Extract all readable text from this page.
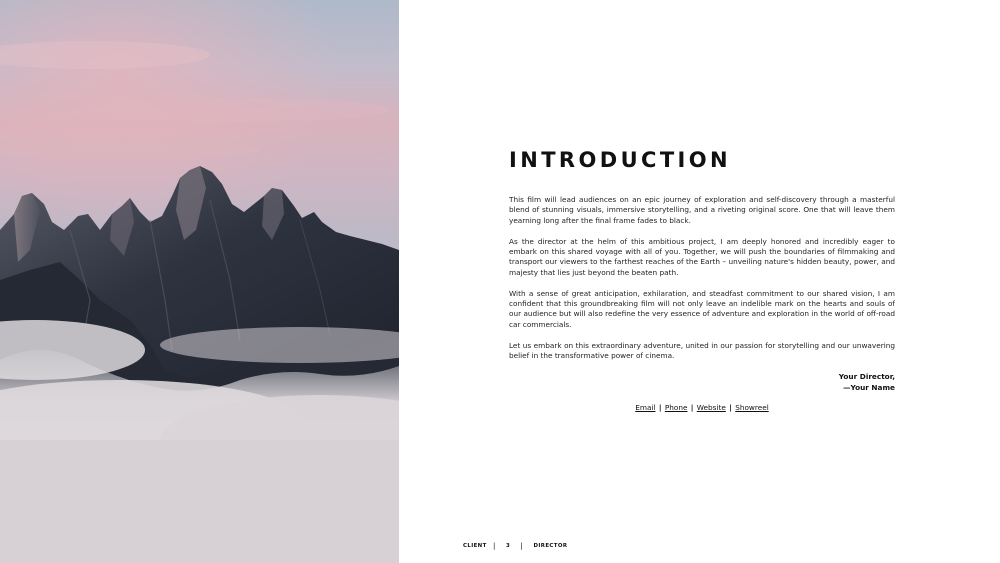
INTRODUCTION

This film will lead audiences on an epic journey of exploration and self-discovery through a masterful blend of stunning visuals, immersive storytelling, and a riveting original score. One that will leave them yearning long after the final frame fades to black.

As the director at the helm of this ambitious project, I am deeply honored and incredibly eager to embark on this shared voyage with all of you. Together, we will push the boundaries of filmmaking and transport our viewers to the farthest reaches of the Earth – unveiling nature's hidden beauty, power, and majesty that lies just beyond the beaten path.

With a sense of great anticipation, exhilaration, and steadfast commitment to our shared vision, I am confident that this groundbreaking film will not only leave an indelible mark on the hearts and souls of our audience but will also redefine the very essence of adventure and exploration in the world of off-road car commercials.

Let us embark on this extraordinary adventure, united in our passion for storytelling and our unwavering belief in the transformative power of cinema.

Your Director,
—Your Name
Email | Phone | Website | Showreel
CLIENT | 3 | DIRECTOR
